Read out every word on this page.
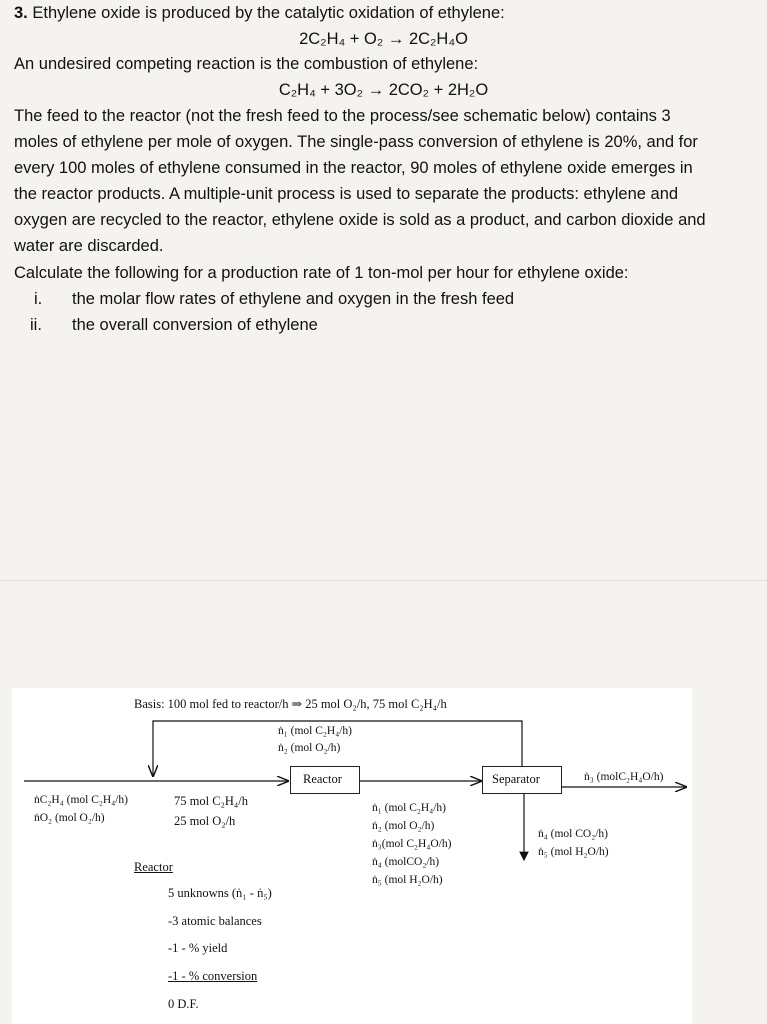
3. Ethylene oxide is produced by the catalytic oxidation of ethylene:
2C₂H₄ + O₂ → 2C₂H₄O
An undesired competing reaction is the combustion of ethylene:
C₂H₄ + 3O₂ → 2CO₂ + 2H₂O
The feed to the reactor (not the fresh feed to the process/see schematic below) contains 3
moles of ethylene per mole of oxygen. The single-pass conversion of ethylene is 20%, and for
every 100 moles of ethylene consumed in the reactor, 90 moles of ethylene oxide emerges in
the reactor products. A multiple-unit process is used to separate the products: ethylene and
oxygen are recycled to the reactor, ethylene oxide is sold as a product, and carbon dioxide and
water are discarded.
Calculate the following for a production rate of 1 ton-mol per hour for ethylene oxide:
i. the molar flow rates of ethylene and oxygen in the fresh feed
ii. the overall conversion of ethylene
Basis: 100 mol fed to reactor/h ⇒ 25 mol O₂/h, 75 mol C₂H₄/h
ṅ₁ (mol C₂H₄/h)
ṅ₂ (mol O₂/h)
Reactor	Separator	ṅ₃ (molC₂H₄O/h)
ṅC₂H₄ (mol C₂H₄/h)
ṅO₂ (mol O₂/h)
75 mol C₂H₄/h
25 mol O₂/h
ṅ₁ (mol C₂H₄/h)
ṅ₂ (mol O₂/h)
ṅ₃(mol C₂H₄O/h)
ṅ₄ (molCO₂/h)
ṅ₅ (mol H₂O/h)
ṅ₄ (mol CO₂/h)
ṅ₅ (mol H₂O/h)
Reactor
5 unknowns (ṅ₁ - ṅ₅)
-3 atomic balances
-1 - % yield
-1 - % conversion
0 D.F.
